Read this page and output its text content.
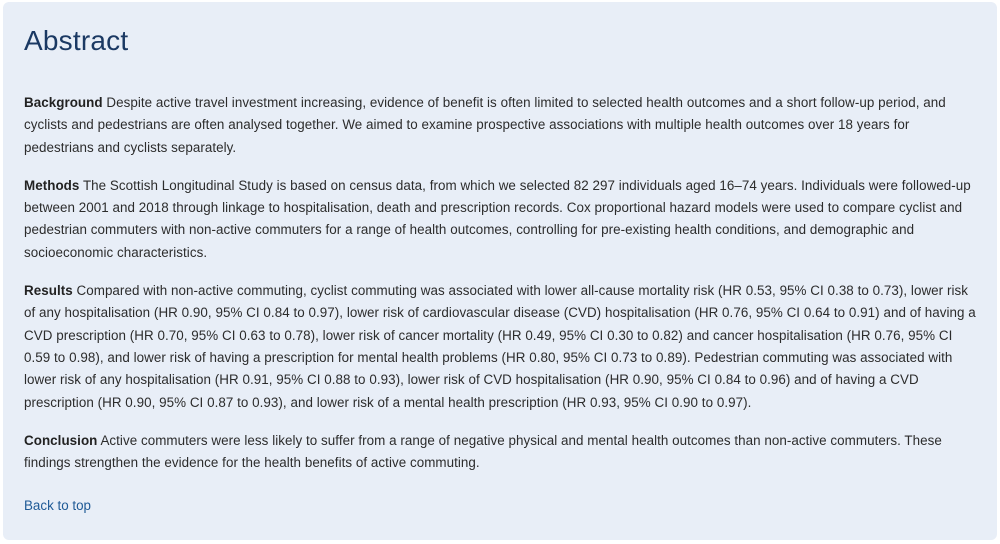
Abstract

Background Despite active travel investment increasing, evidence of benefit is often limited to selected health outcomes and a short follow-up period, and cyclists and pedestrians are often analysed together. We aimed to examine prospective associations with multiple health outcomes over 18 years for pedestrians and cyclists separately.

Methods The Scottish Longitudinal Study is based on census data, from which we selected 82 297 individuals aged 16–74 years. Individuals were followed-up between 2001 and 2018 through linkage to hospitalisation, death and prescription records. Cox proportional hazard models were used to compare cyclist and pedestrian commuters with non-active commuters for a range of health outcomes, controlling for pre-existing health conditions, and demographic and socioeconomic characteristics.

Results Compared with non-active commuting, cyclist commuting was associated with lower all-cause mortality risk (HR 0.53, 95% CI 0.38 to 0.73), lower risk of any hospitalisation (HR 0.90, 95% CI 0.84 to 0.97), lower risk of cardiovascular disease (CVD) hospitalisation (HR 0.76, 95% CI 0.64 to 0.91) and of having a CVD prescription (HR 0.70, 95% CI 0.63 to 0.78), lower risk of cancer mortality (HR 0.49, 95% CI 0.30 to 0.82) and cancer hospitalisation (HR 0.76, 95% CI 0.59 to 0.98), and lower risk of having a prescription for mental health problems (HR 0.80, 95% CI 0.73 to 0.89). Pedestrian commuting was associated with lower risk of any hospitalisation (HR 0.91, 95% CI 0.88 to 0.93), lower risk of CVD hospitalisation (HR 0.90, 95% CI 0.84 to 0.96) and of having a CVD prescription (HR 0.90, 95% CI 0.87 to 0.93), and lower risk of a mental health prescription (HR 0.93, 95% CI 0.90 to 0.97).

Conclusion Active commuters were less likely to suffer from a range of negative physical and mental health outcomes than non-active commuters. These findings strengthen the evidence for the health benefits of active commuting.

Back to top
